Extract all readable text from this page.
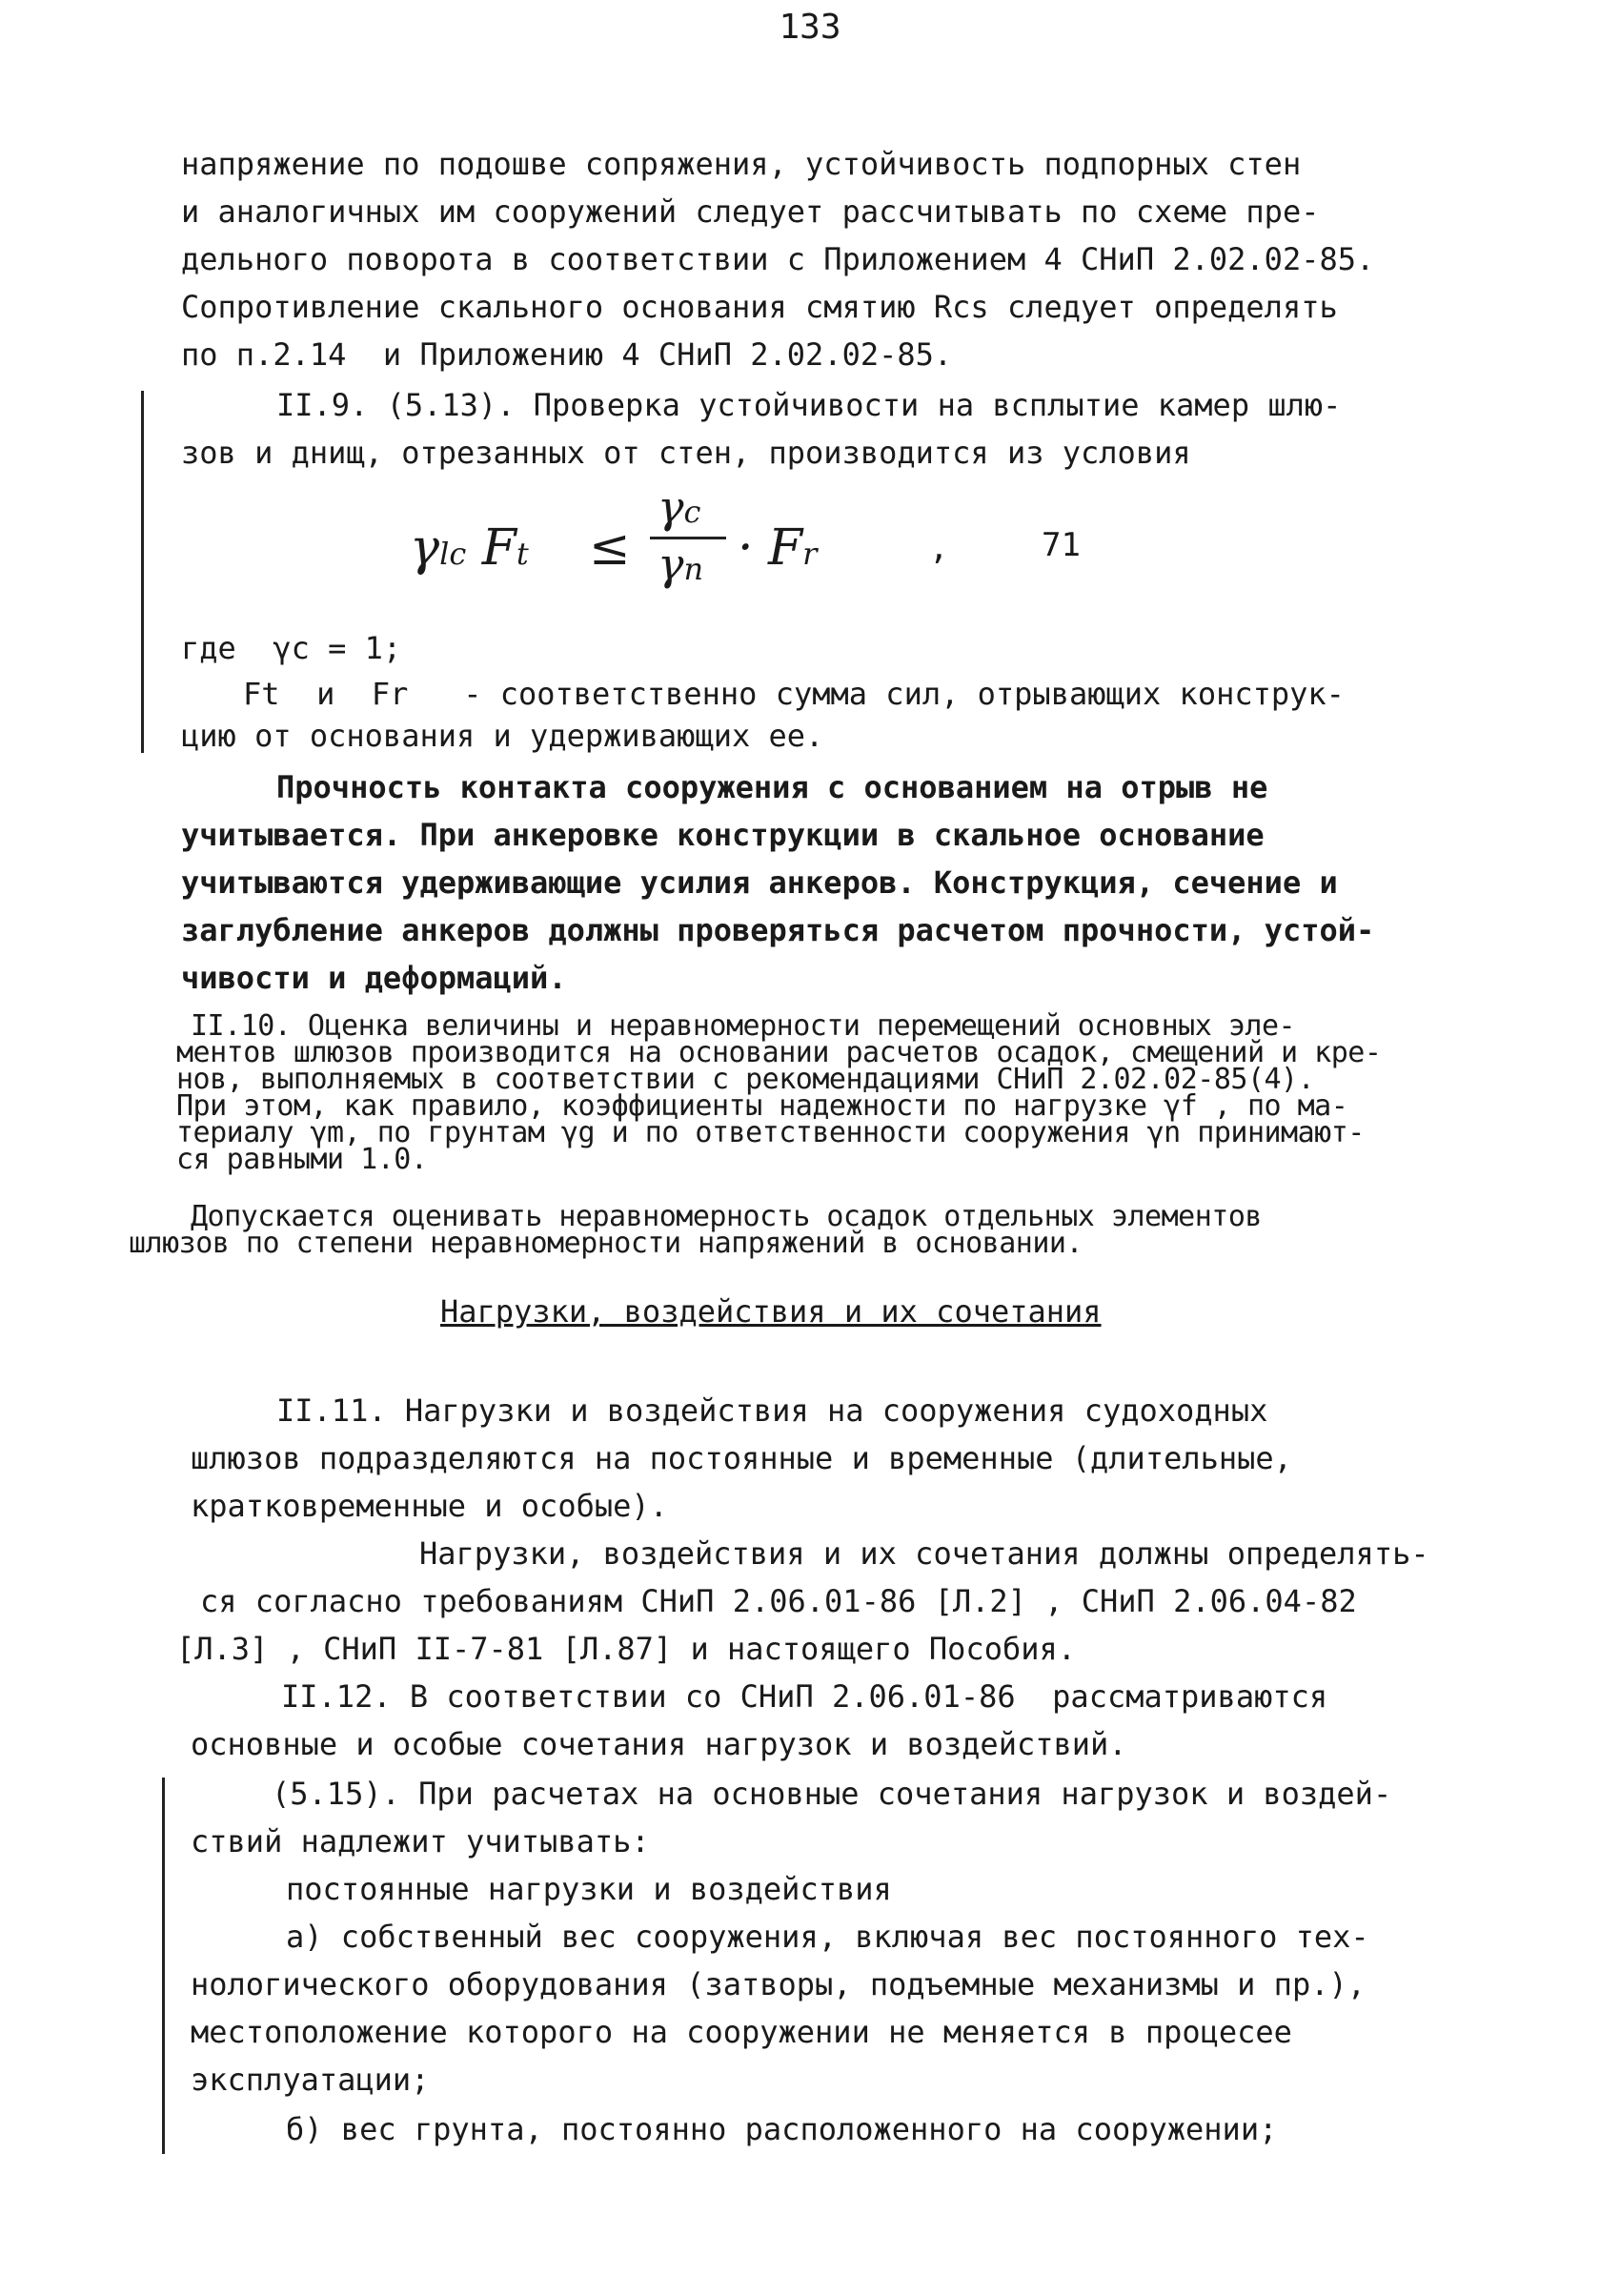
133
напряжение по подошве сопряжения, устойчивость подпорных стен
и аналогичных им сооружений следует рассчитывать по схеме пре-
дельного поворота в соответствии с Приложением 4 СНиП 2.02.02-85.
Сопротивление скального основания смятию Rcs следует определять
по п.2.14  и Приложению 4 СНиП 2.02.02-85.
II.9. (5.13). Проверка устойчивости на всплытие камер шлю-
зов и днищ, отрезанных от стен, производится из условия
γlc Ft ≤
γc
γn · Fr	,	71
где  γc = 1;
Ft  и  Fr   - соответственно сумма сил, отрывающих конструк-
цию от основания и удерживающих ее.
Прочность контакта сооружения с основанием на отрыв не
учитывается. При анкеровке конструкции в скальное основание
учитываются удерживающие усилия анкеров. Конструкция, сечение и
заглубление анкеров должны проверяться расчетом прочности, устой-
чивости и деформаций.
II.10. Оценка величины и неравномерности перемещений основных эле-
ментов шлюзов производится на основании расчетов осадок, смещений и кре-
нов, выполняемых в соответствии с рекомендациями СНиП 2.02.02-85(4).
При этом, как правило, коэффициенты надежности по нагрузке γf , по ма-
териалу γm, по грунтам γg и по ответственности сооружения γn принимают-
ся равными 1.0.
Допускается оценивать неравномерность осадок отдельных элементов
шлюзов по степени неравномерности напряжений в основании.
Нагрузки, воздействия и их сочетания
II.11. Нагрузки и воздействия на сооружения судоходных
шлюзов подразделяются на постоянные и временные (длительные,
кратковременные и особые).
Нагрузки, воздействия и их сочетания должны определять-
ся согласно требованиям СНиП 2.06.01-86 [Л.2] , СНиП 2.06.04-82
[Л.3] , СНиП II-7-81 [Л.87] и настоящего Пособия.
II.12. В соответствии со СНиП 2.06.01-86  рассматриваются
основные и особые сочетания нагрузок и воздействий.
(5.15). При расчетах на основные сочетания нагрузок и воздей-
ствий надлежит учитывать:
постоянные нагрузки и воздействия
а) собственный вес сооружения, включая вес постоянного тех-
нологического оборудования (затворы, подъемные механизмы и пр.),
местоположение которого на сооружении не меняется в процесее
эксплуатации;
б) вес грунта, постоянно расположенного на сооружении;
